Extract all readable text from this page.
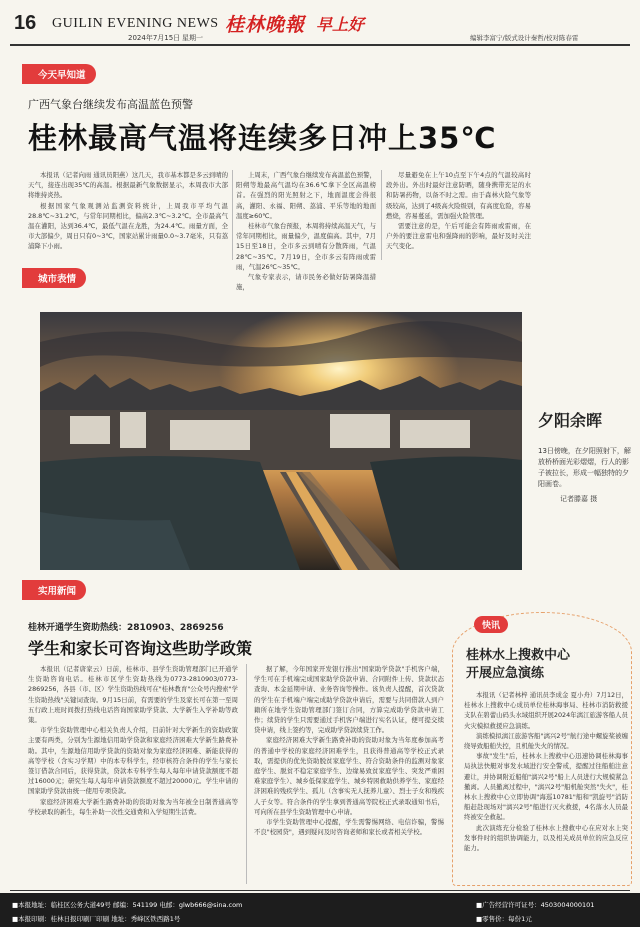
16 GUILIN EVENING NEWS
2024年7月15日 星期一
桂林晚報 早上好
编辑李富宁/版式设计秦哲/校对陈春雷
今天早知道
广西气象台继续发布高温蓝色预警
桂林最高气温将连续多日冲上35℃

本报讯（记者向雨 通讯员阳燕）这几天，我市基本都是多云到晴的天气，接连出现35℃的高温。根据最新气象数据显示，本周我市大部将维持炎热。

根据国家气象观测站监测资料统计，上周我市平均气温28.8℃~31.2℃，与常年同期相比，偏高2.3℃~3.2℃。全市最高气温在灌阳，达到36.4℃，最低气温在龙胜，为24.4℃。雨量方面，全市大部偏少，周日只有0~3℃，国家站累计雨量0.0~3.7毫米，只有荔浦降下小雨。

上周末，广西气象台继续发布高温蓝色预警，阳朔等地最高气温均在36.6℃拿下全区高温榜首。在强烈的阳光照射之下，地面温度会得很高，灌阳、永福、阳朔、荔浦、平乐等地的地面温度≥60℃。

桂林市气象台预报，本周将持续高温天气，与常年同期相比，雨量偏少，温度偏高。其中，7月15日至18日，全市多云到晴有分散阵雨，气温28℃~35℃。7月19日，全市多云有阵雨或雷雨，气温26℃~35℃。

气象专家表示，请市民务必做好防暑降温措施，

尽量避免在上午10点至下午4点的气温较高时段外出。外出时最好注意防晒，随身携带充足的水和防暑药物，以备不时之需。由于森林火险气象等级较高，达到了4级高火险级别，有高度危险，容易燃烧，容易蔓延，需加强火险管理。

需要注意的是，午后可能会有阵雨或雷雨，在户外的要注意雷电和强降雨的影响，最好及时关注天气变化。

城市表情
夕阳余晖
13日傍晚，在夕阳照射下，解放桥桥面光彩熠熠，行人的影子被拉长，形成一幅独特的夕阳画卷。
记者滕嘉 摄
实用新闻
桂林开通学生资助热线：2810903、2869256
学生和家长可咨询这些助学政策

本报讯（记者唐家云）日前，桂林市、县学生资助管理部门已开通学生资助咨询电话。桂林市区学生资助热线为0773-2810903/0773-2869256，各县（市、区）学生资助热线可在"桂林教育"公众号内搜索"学生资助热线"关键词查询。9月15日前，有需要的学生及家长可在第一至周五行政上班时间拨打热线电话咨询国家助学贷款、大学新生入学补助等政策。

市学生资助管理中心相关负责人介绍，目前针对大学新生的资助政策主要有两类，分别为生源地信用助学贷款和家庭经济困难大学新生路费补助。其中，生源地信用助学贷款的资助对象为家庭经济困难、新能获得的高等学校（含实习学期）中的本专科学生，经审核符合条件的学生与家长签订借款合同后，获得贷款，贷款本专科学生每人每年申请贷款额度不超过16000元；研究生每人每年申请贷款额度不超过20000元。学生申请的国家助学贷款由统一使用专项贷款。

家庭经济困难大学新生路费补助的资助对象为当年被全日制普通高等学校录取的新生，每生补助一次性交通费和入学短期生活费。

据了解，今年国家开发银行推出"国家助学贷款"手机客户端，学生可在手机端完成国家助学贷款申请、合同附件上传、贷款状态查询、本金延期申请、业务咨询等操作。该负责人提醒，首次贷款的学生在手机端户端完成助学贷款申请后，需要与共同借款人到户籍所在地学生资助管理部门签订合同，方算完成助学贷款申请工作；续贷的学生只需要通过手机客户端进行实名认证，便可提交续贷申请，线上签约等，完成助学贷款续贷工作。

家庭经济困难大学新生路费补助的资助对象为当年度参加高考的普通中学校的家庭经济困难学生，且获得普通高等学校正式录取，需提供的优先资助脱贫家庭学生、符合资助条件的监测对象家庭学生、脱贫不稳定家庭学生、边缘易致贫家庭学生、突发严重困难家庭学生）、城乡低保家庭学生、城乡特困救助供养学生、家庭经济困难的残疾学生、孤儿（含事实无人抚养儿童）、烈士子女和残疾人子女等。符合条件的学生拿到普通高等院校正式录取通知书后，可向所在县学生资助管理中心申请。

市学生资助管理中心提醒，学生需警惕网络、电信诈骗，警惕不良"校园贷"，遇到疑问及时咨询老师和家长或者相关学校。

快讯
桂林水上搜救中心
开展应急演练

本报讯（记者林梓 通讯员李成金 夏小舟）7月12日，桂林水上搜救中心成员单位桂林海事局、桂林市消防救援支队在碧蕾山码头水域组织开展2024年漓江旅游客船人员火灾模拟救援应急演练。

演练模拟漓江旅游客船"漓兴2号"航行途中螺旋桨被缠绕导致船舶失控，且机舱失火的情况。

事故"发生"后，桂林水上搜救中心迅速协调桂林海事局执法快艇对事发水域进行安全警戒，提醒过往船舶注意避让，并协调附近船舶"漓兴2号"船上人员进行大规模紧急撤离。人员撤离过程中，"漓兴2号"船机舱突然"失火"，桂林水上搜救中心立即协调"海巡10781"船和"凯旋号"消防船赶赴现场对"漓兴2号"船进行灭火救援，4名落水人员最终被安全救起。

此次演练充分检验了桂林水上搜救中心在应对水上突发事件时的组织协调能力，以及相关成员单位的应急反应能力。

■本报地址：临桂区公务大道49号 邮编：541199 电邮：glwb666@sina.com
■本报印刷：桂林日报印刷厂印刷 地址：秀峰区铁西路1号
■广告经营许可证号：4503004000101
■零售价：每份1元
